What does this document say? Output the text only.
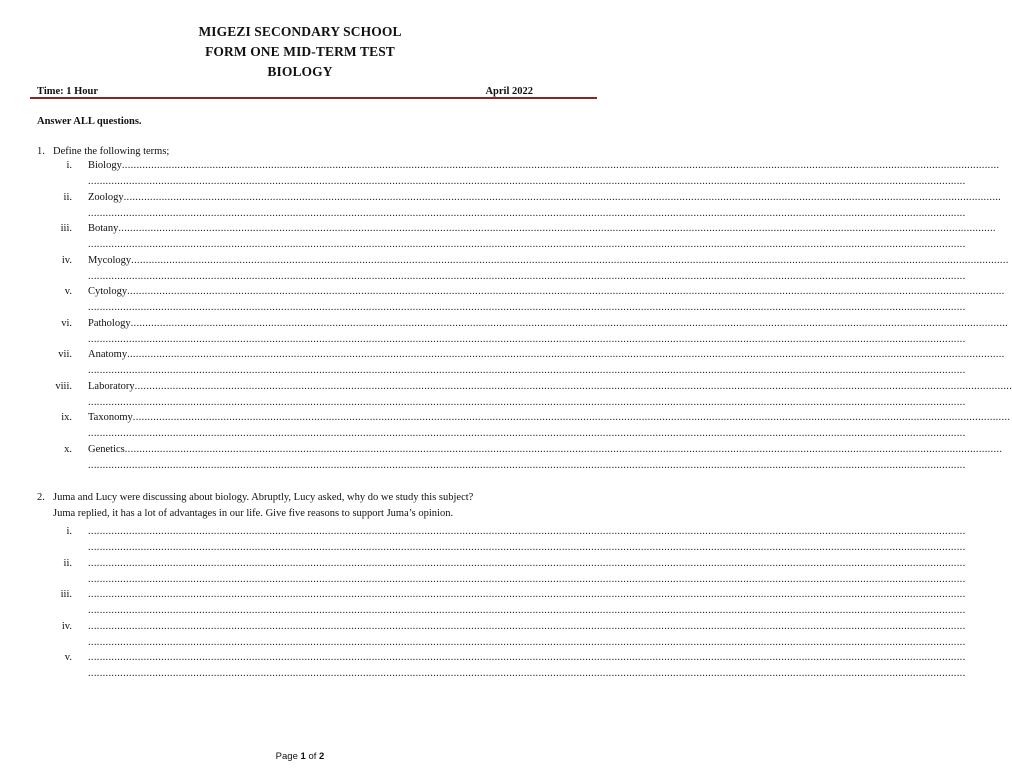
MIGEZI SECONDARY SCHOOL
FORM ONE MID-TERM TEST
BIOLOGY
Time: 1 Hour	April 2022
Answer ALL questions.
1. Define the following terms;
i. Biology............................................................................................................................................................................................................................................................................................................
............................................................................................................................................................................................................................................................................................................
ii. Zoology............................................................................................................................................................................................................................................................................................................
............................................................................................................................................................................................................................................................................................................
iii. Botany............................................................................................................................................................................................................................................................................................................
............................................................................................................................................................................................................................................................................................................
iv. Mycology............................................................................................................................................................................................................................................................................................................
............................................................................................................................................................................................................................................................................................................
v. Cytology............................................................................................................................................................................................................................................................................................................
............................................................................................................................................................................................................................................................................................................
vi. Pathology............................................................................................................................................................................................................................................................................................................
............................................................................................................................................................................................................................................................................................................
vii. Anatomy............................................................................................................................................................................................................................................................................................................
............................................................................................................................................................................................................................................................................................................
viii. Laboratory............................................................................................................................................................................................................................................................................................................
............................................................................................................................................................................................................................................................................................................
ix. Taxonomy............................................................................................................................................................................................................................................................................................................
............................................................................................................................................................................................................................................................................................................
x. Genetics............................................................................................................................................................................................................................................................................................................
............................................................................................................................................................................................................................................................................................................
2. Juma and Lucy were discussing about biology. Abruptly, Lucy asked, why do we study this subject?
Juma replied, it has a lot of advantages in our life. Give five reasons to support Juma’s opinion.
i. ............................................................................................................................................................................................................................................................................................................
............................................................................................................................................................................................................................................................................................................
ii. ............................................................................................................................................................................................................................................................................................................
............................................................................................................................................................................................................................................................................................................
iii. ............................................................................................................................................................................................................................................................................................................
............................................................................................................................................................................................................................................................................................................
iv. ............................................................................................................................................................................................................................................................................................................
............................................................................................................................................................................................................................................................................................................
v. ............................................................................................................................................................................................................................................................................................................
............................................................................................................................................................................................................................................................................................................
Page 1 of 2
